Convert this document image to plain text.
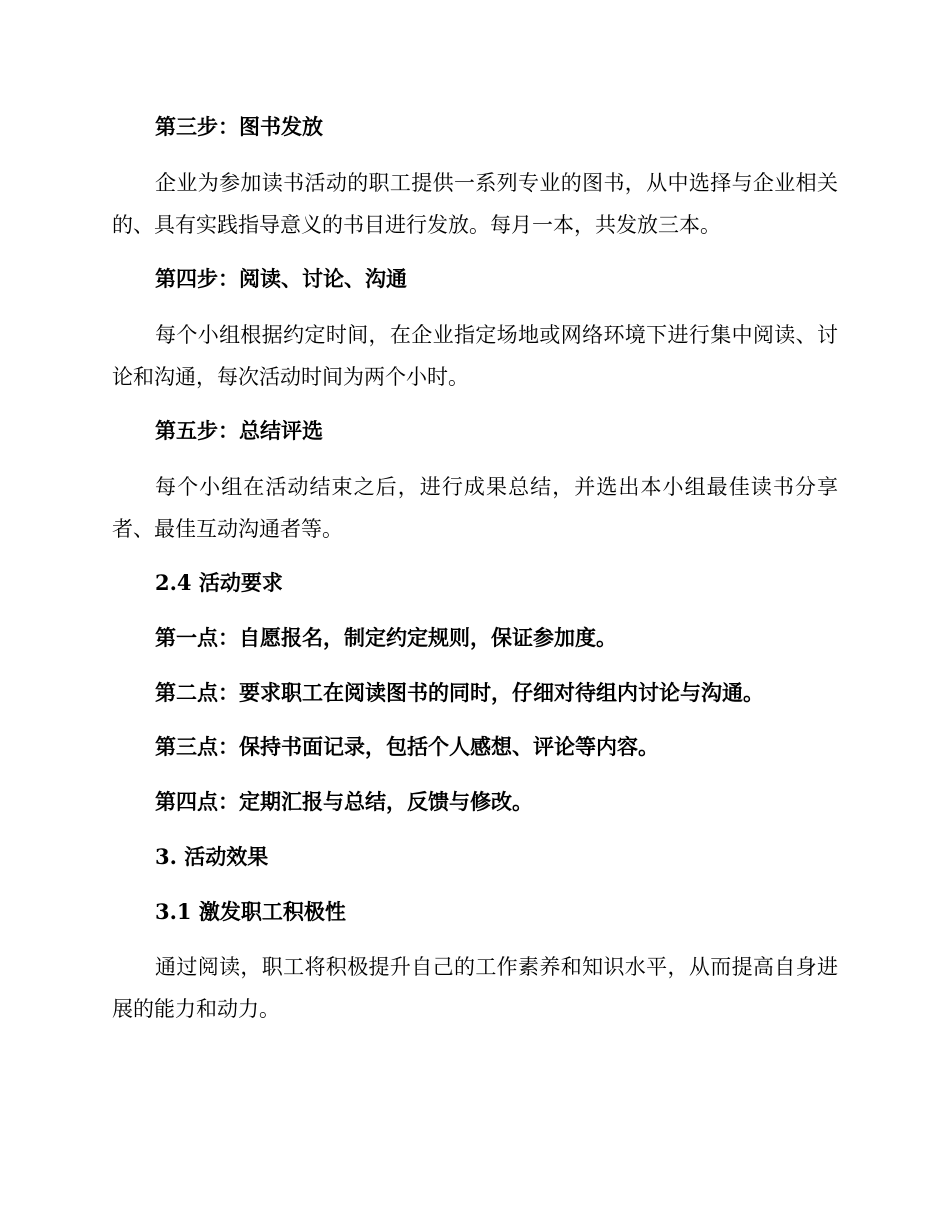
第三步：图书发放

企业为参加读书活动的职工提供一系列专业的图书，从中选择与企业相关的、具有实践指导意义的书目进行发放。每月一本，共发放三本。

第四步：阅读、讨论、沟通

每个小组根据约定时间，在企业指定场地或网络环境下进行集中阅读、讨论和沟通，每次活动时间为两个小时。

第五步：总结评选

每个小组在活动结束之后，进行成果总结，并选出本小组最佳读书分享者、最佳互动沟通者等。

2.4 活动要求

第一点：自愿报名，制定约定规则，保证参加度。

第二点：要求职工在阅读图书的同时，仔细对待组内讨论与沟通。

第三点：保持书面记录，包括个人感想、评论等内容。

第四点：定期汇报与总结，反馈与修改。

3. 活动效果

3.1 激发职工积极性

通过阅读，职工将积极提升自己的工作素养和知识水平，从而提高自身进展的能力和动力。
